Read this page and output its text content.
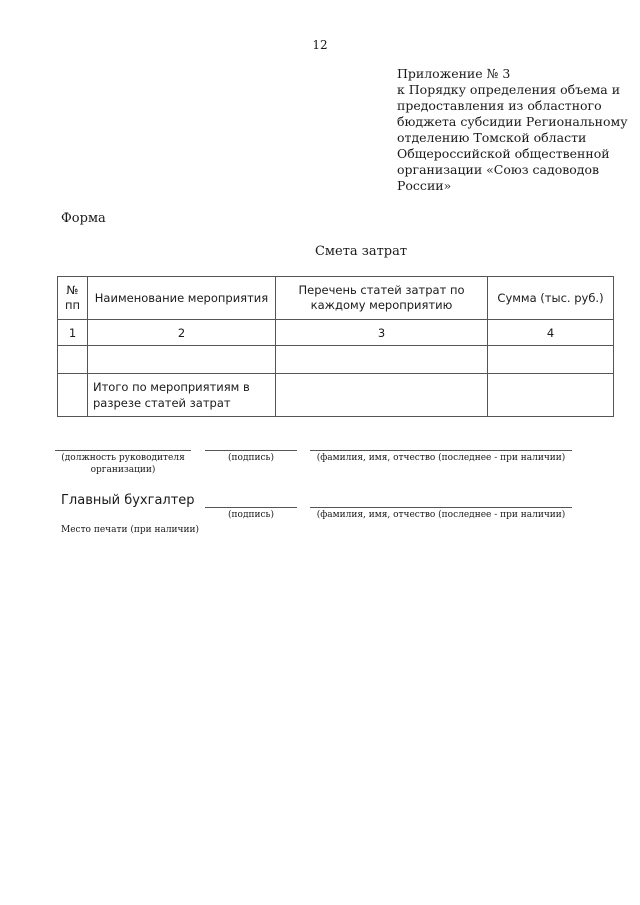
12
Приложение № 3
к Порядку определения объема и
предоставления из областного
бюджета субсидии Региональному
отделению Томской области
Общероссийской общественной
организации «Союз садоводов
России»
Форма
Смета затрат
№ пп	Наименование мероприятия	Перечень статей затрат по каждому мероприятию	Сумма (тыс. руб.)
1	2	3	4

	Итого по мероприятиям в разрезе статей затрат		
(должность руководителя организации)
(подпись)	(фамилия, имя, отчество (последнее - при наличии)
Главный бухгалтер
(подпись)	(фамилия, имя, отчество (последнее - при наличии)
Место печати (при наличии)
